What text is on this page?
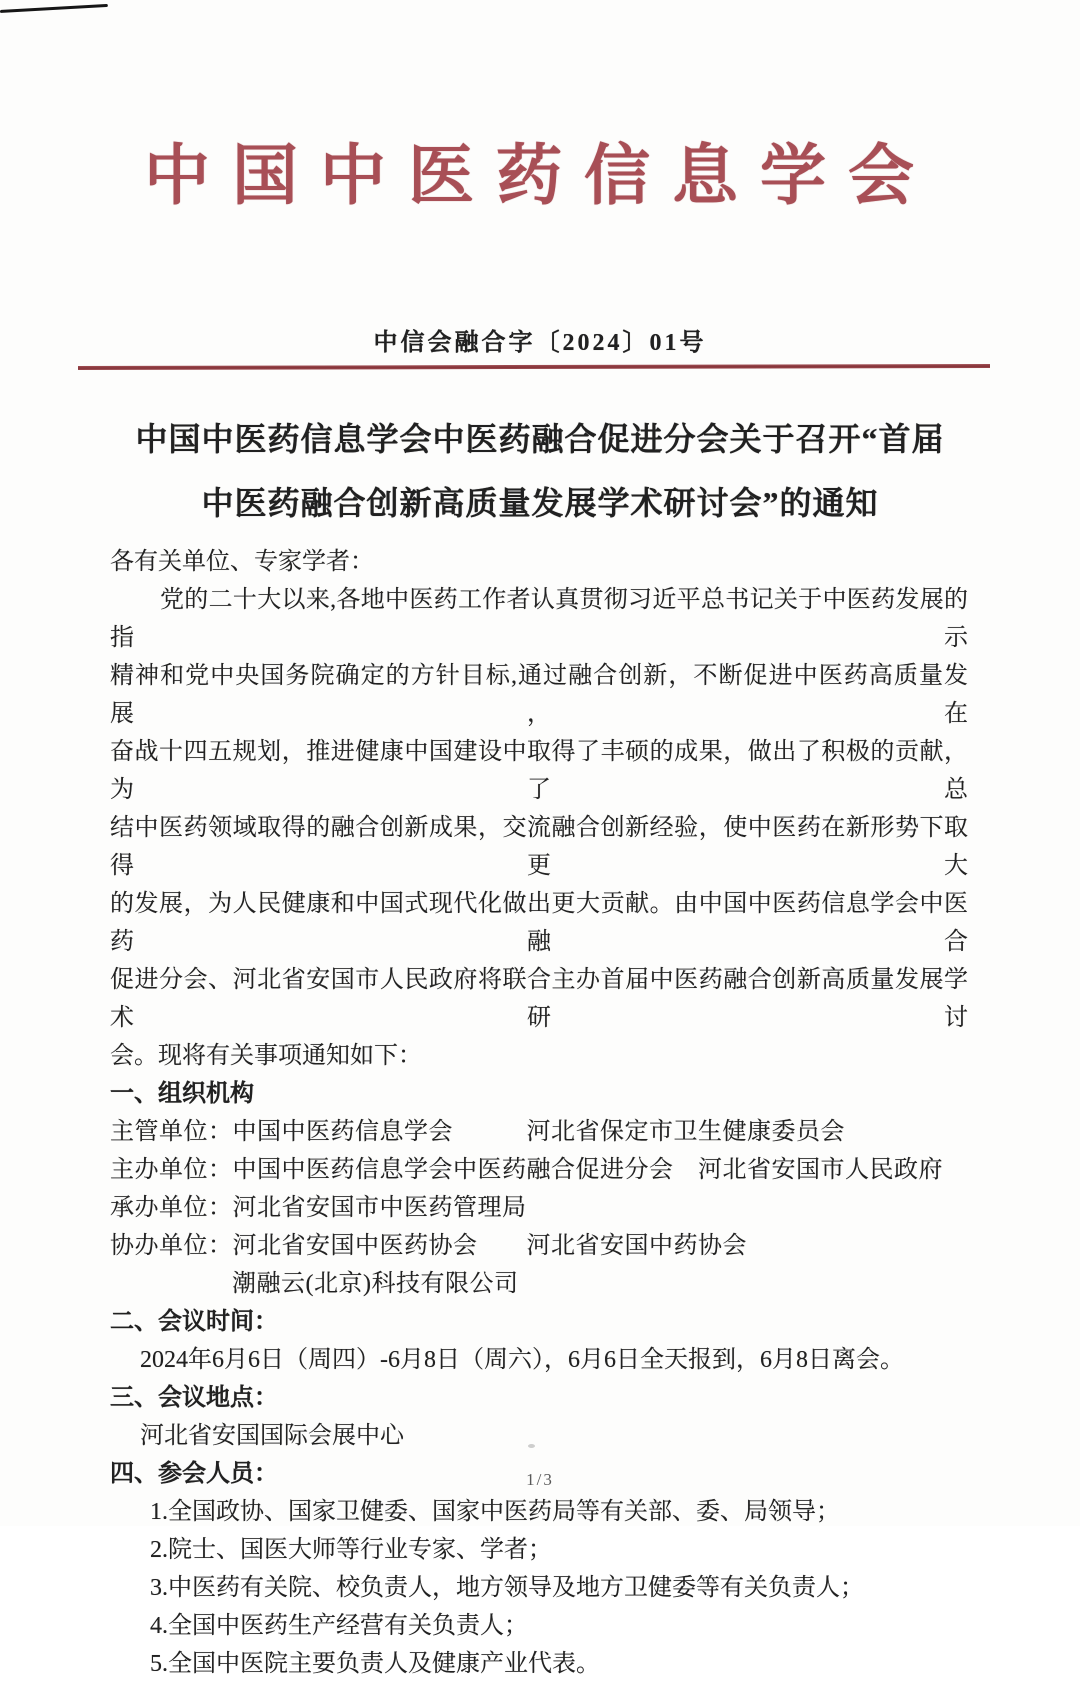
中国中医药信息学会
中信会融合字〔2024〕01号
中国中医药信息学会中医药融合促进分会关于召开“首届
中医药融合创新高质量发展学术研讨会”的通知
各有关单位、专家学者：
党的二十大以来,各地中医药工作者认真贯彻习近平总书记关于中医药发展的指示
精神和党中央国务院确定的方针目标,通过融合创新，不断促进中医药高质量发展，在
奋战十四五规划，推进健康中国建设中取得了丰硕的成果，做出了积极的贡献，为了总
结中医药领域取得的融合创新成果，交流融合创新经验，使中医药在新形势下取得更大
的发展，为人民健康和中国式现代化做出更大贡献。由中国中医药信息学会中医药融合
促进分会、河北省安国市人民政府将联合主办首届中医药融合创新高质量发展学术研讨
会。现将有关事项通知如下：
一、组织机构
主管单位：中国中医药信息学会　　　河北省保定市卫生健康委员会
主办单位：中国中医药信息学会中医药融合促进分会　河北省安国市人民政府
承办单位：河北省安国市中医药管理局
协办单位：河北省安国中医药协会　　河北省安国中药协会
潮融云(北京)科技有限公司
二、会议时间：
2024年6月6日（周四）-6月8日（周六），6月6日全天报到，6月8日离会。
三、会议地点：
河北省安国国际会展中心
四、参会人员：
1.全国政协、国家卫健委、国家中医药局等有关部、委、局领导；
2.院士、国医大师等行业专家、学者；
3.中医药有关院、校负责人，地方领导及地方卫健委等有关负责人；
4.全国中医药生产经营有关负责人；
5.全国中医院主要负责人及健康产业代表。
1/3
